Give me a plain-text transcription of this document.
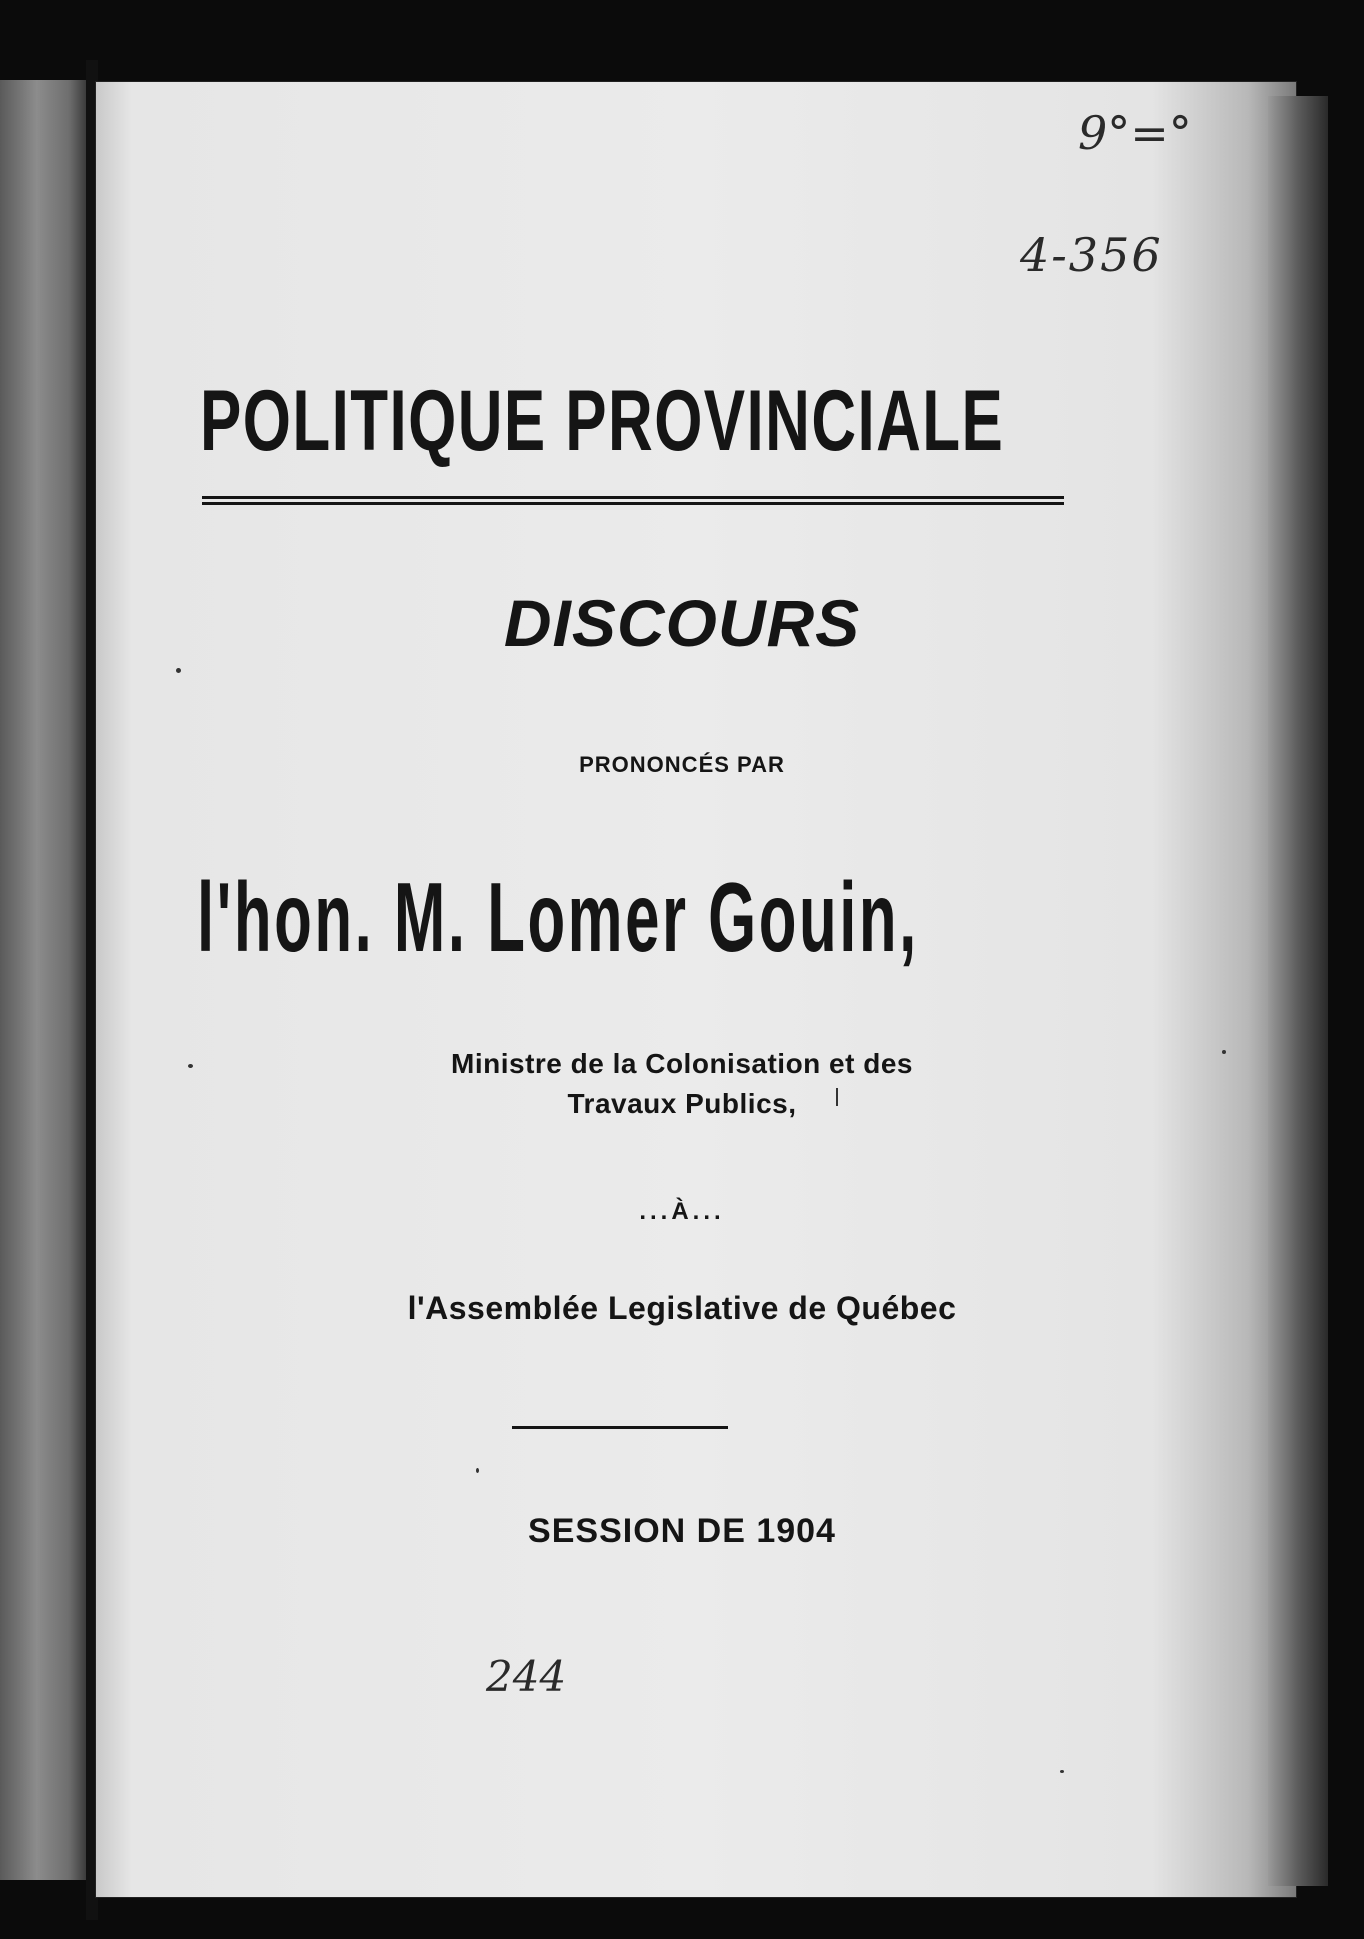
9°=°
4-356
POLITIQUE PROVINCIALE
DISCOURS
PRONONCÉS PAR
l'hon. M. Lomer Gouin,
Ministre de la Colonisation et des
Travaux Publics,
...À...
l'Assemblée Legislative de Québec
SESSION DE 1904
244
